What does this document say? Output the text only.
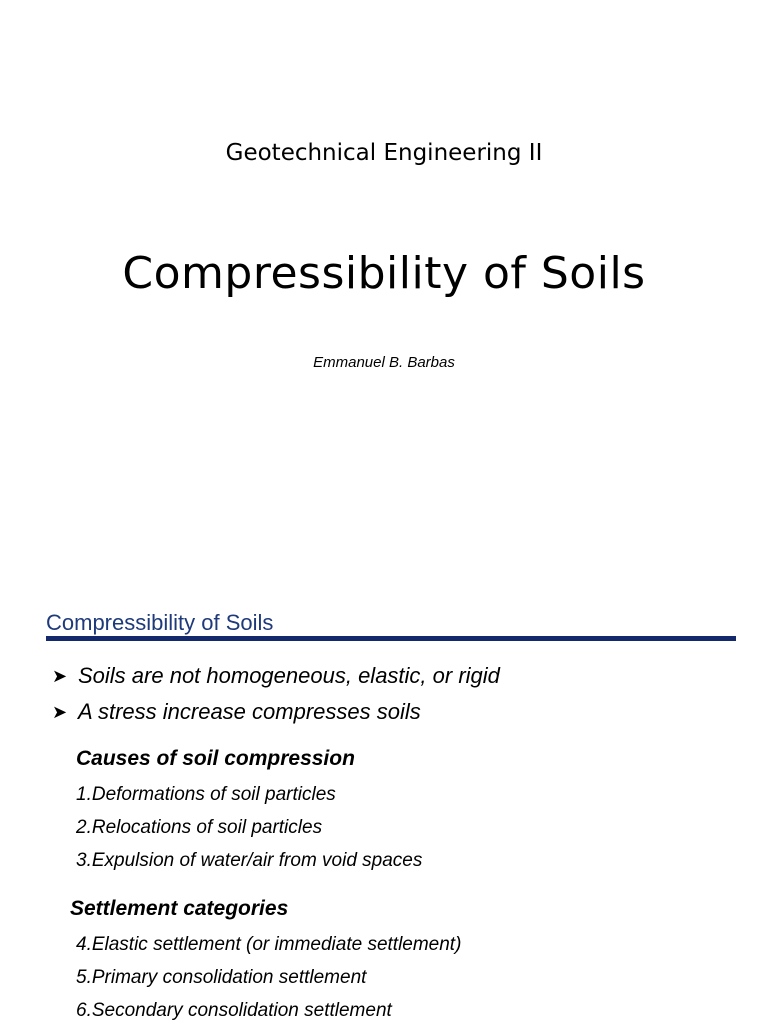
Geotechnical Engineering II
Compressibility of Soils
Emmanuel B. Barbas
Compressibility of Soils
➤ Soils are not homogeneous, elastic, or rigid
➤ A stress increase compresses soils
Causes of soil compression
1.Deformations of soil particles
2.Relocations of soil particles
3.Expulsion of water/air from void spaces
Settlement categories
4.Elastic settlement (or immediate settlement)
5.Primary consolidation settlement
6.Secondary consolidation settlement
